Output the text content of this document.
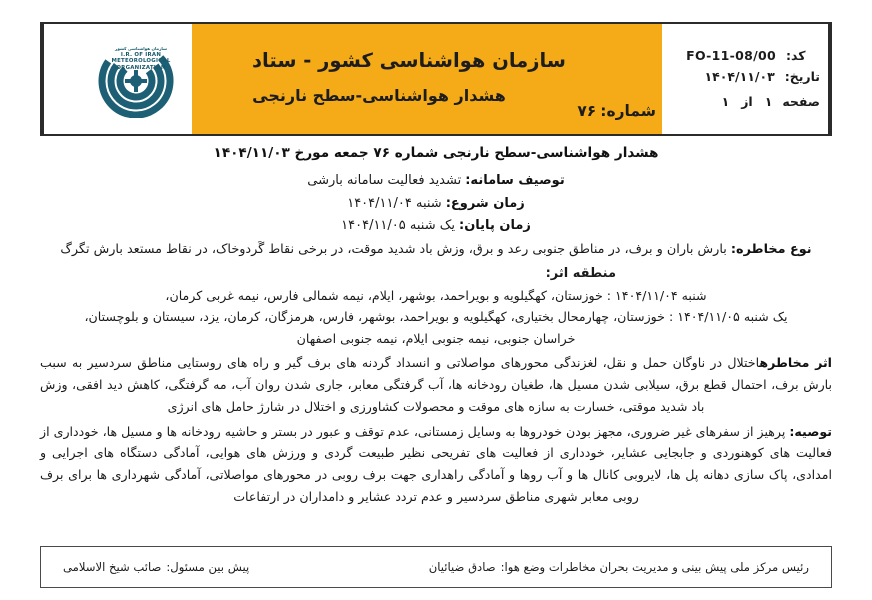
کد:
FO-11-08/00
تاریخ:
۱۴۰۴/۱۱/۰۳
صفحه
۱
از
۱
سازمان هواشناسی کشور - ستاد
هشدار هواشناسی-سطح نارنجی
شماره:۷۶
سازمان هواشناسی کشور
I.R. OF IRAN
METEOROLOGICAL
ORGANIZATION
هشدار هواشناسی-سطح نارنجی شماره ۷۶ جمعه مورخ ۱۴۰۴/۱۱/۰۳
توصیف سامانه:تشدید فعالیت سامانه بارشی
زمان شروع:شنبه ۱۴۰۴/۱۱/۰۴
زمان پایان:یک شنبه ۱۴۰۴/۱۱/۰۵
نوع مخاطره: بارش باران و برف، در مناطق جنوبی رعد و برق، وزش باد شدید موقت، در برخی نقاط گَردوخاک، در نقاط مستعد بارش تگرگ
منطقه اثر:
شنبه ۱۴۰۴/۱۱/۰۴ : خوزستان، کهگیلویه و بویراحمد، بوشهر، ایلام، نیمه شمالی فارس، نیمه غربی کرمان،
یک شنبه ۱۴۰۴/۱۱/۰۵ : خوزستان، چهارمحال بختیاری، کهگیلویه و بویراحمد، بوشهر، فارس، هرمزگان، کرمان، یزد، سیستان و بلوچستان،
خراسان جنوبی، نیمه جنوبی ایلام، نیمه جنوبی اصفهان
اثر مخاطرهاختلال در ناوگان حمل و نقل، لغزندگی محورهای مواصلاتی و انسداد گردنه های برف گیر و راه های روستایی مناطق سردسیر به سبب بارش برف، احتمال قطع برق، سیلابی شدن مسیل ها، طغیان رودخانه ها، آب گرفتگی معابر، جاری شدن روان آب، مه گرفتگی، کاهش دید افقی، وزش باد شدید موقتی، خسارت به سازه های موقت و محصولات کشاورزی و اختلال در شارژ حامل های انرژی
توصیه: پرهیز از سفرهای غیر ضروری، مجهز بودن خودروها به وسایل زمستانی، عدم توقف و عبور در بستر و حاشیه رودخانه ها و مسیل ها، خودداری از فعالیت های کوهنوردی و جابجایی عشایر، خودداری از فعالیت های تفریحی نظیر طبیعت گردی و ورزش های هوایی، آمادگی دستگاه های اجرایی و امدادی، پاک سازی دهانه پل ها، لایروبی کانال ها و آب روها و آمادگی راهداری جهت برف روبی در محورهای مواصلاتی، آمادگی شهرداری ها برای برف روبی معابر شهری مناطق سردسیر و عدم تردد عشایر و دامداران در ارتفاعات
رئیس مرکز ملی پیش بینی و مدیریت بحران مخاطرات وضع هوا:صادق ضیائیان
پیش بین مسئول:صائب شیخ الاسلامی
